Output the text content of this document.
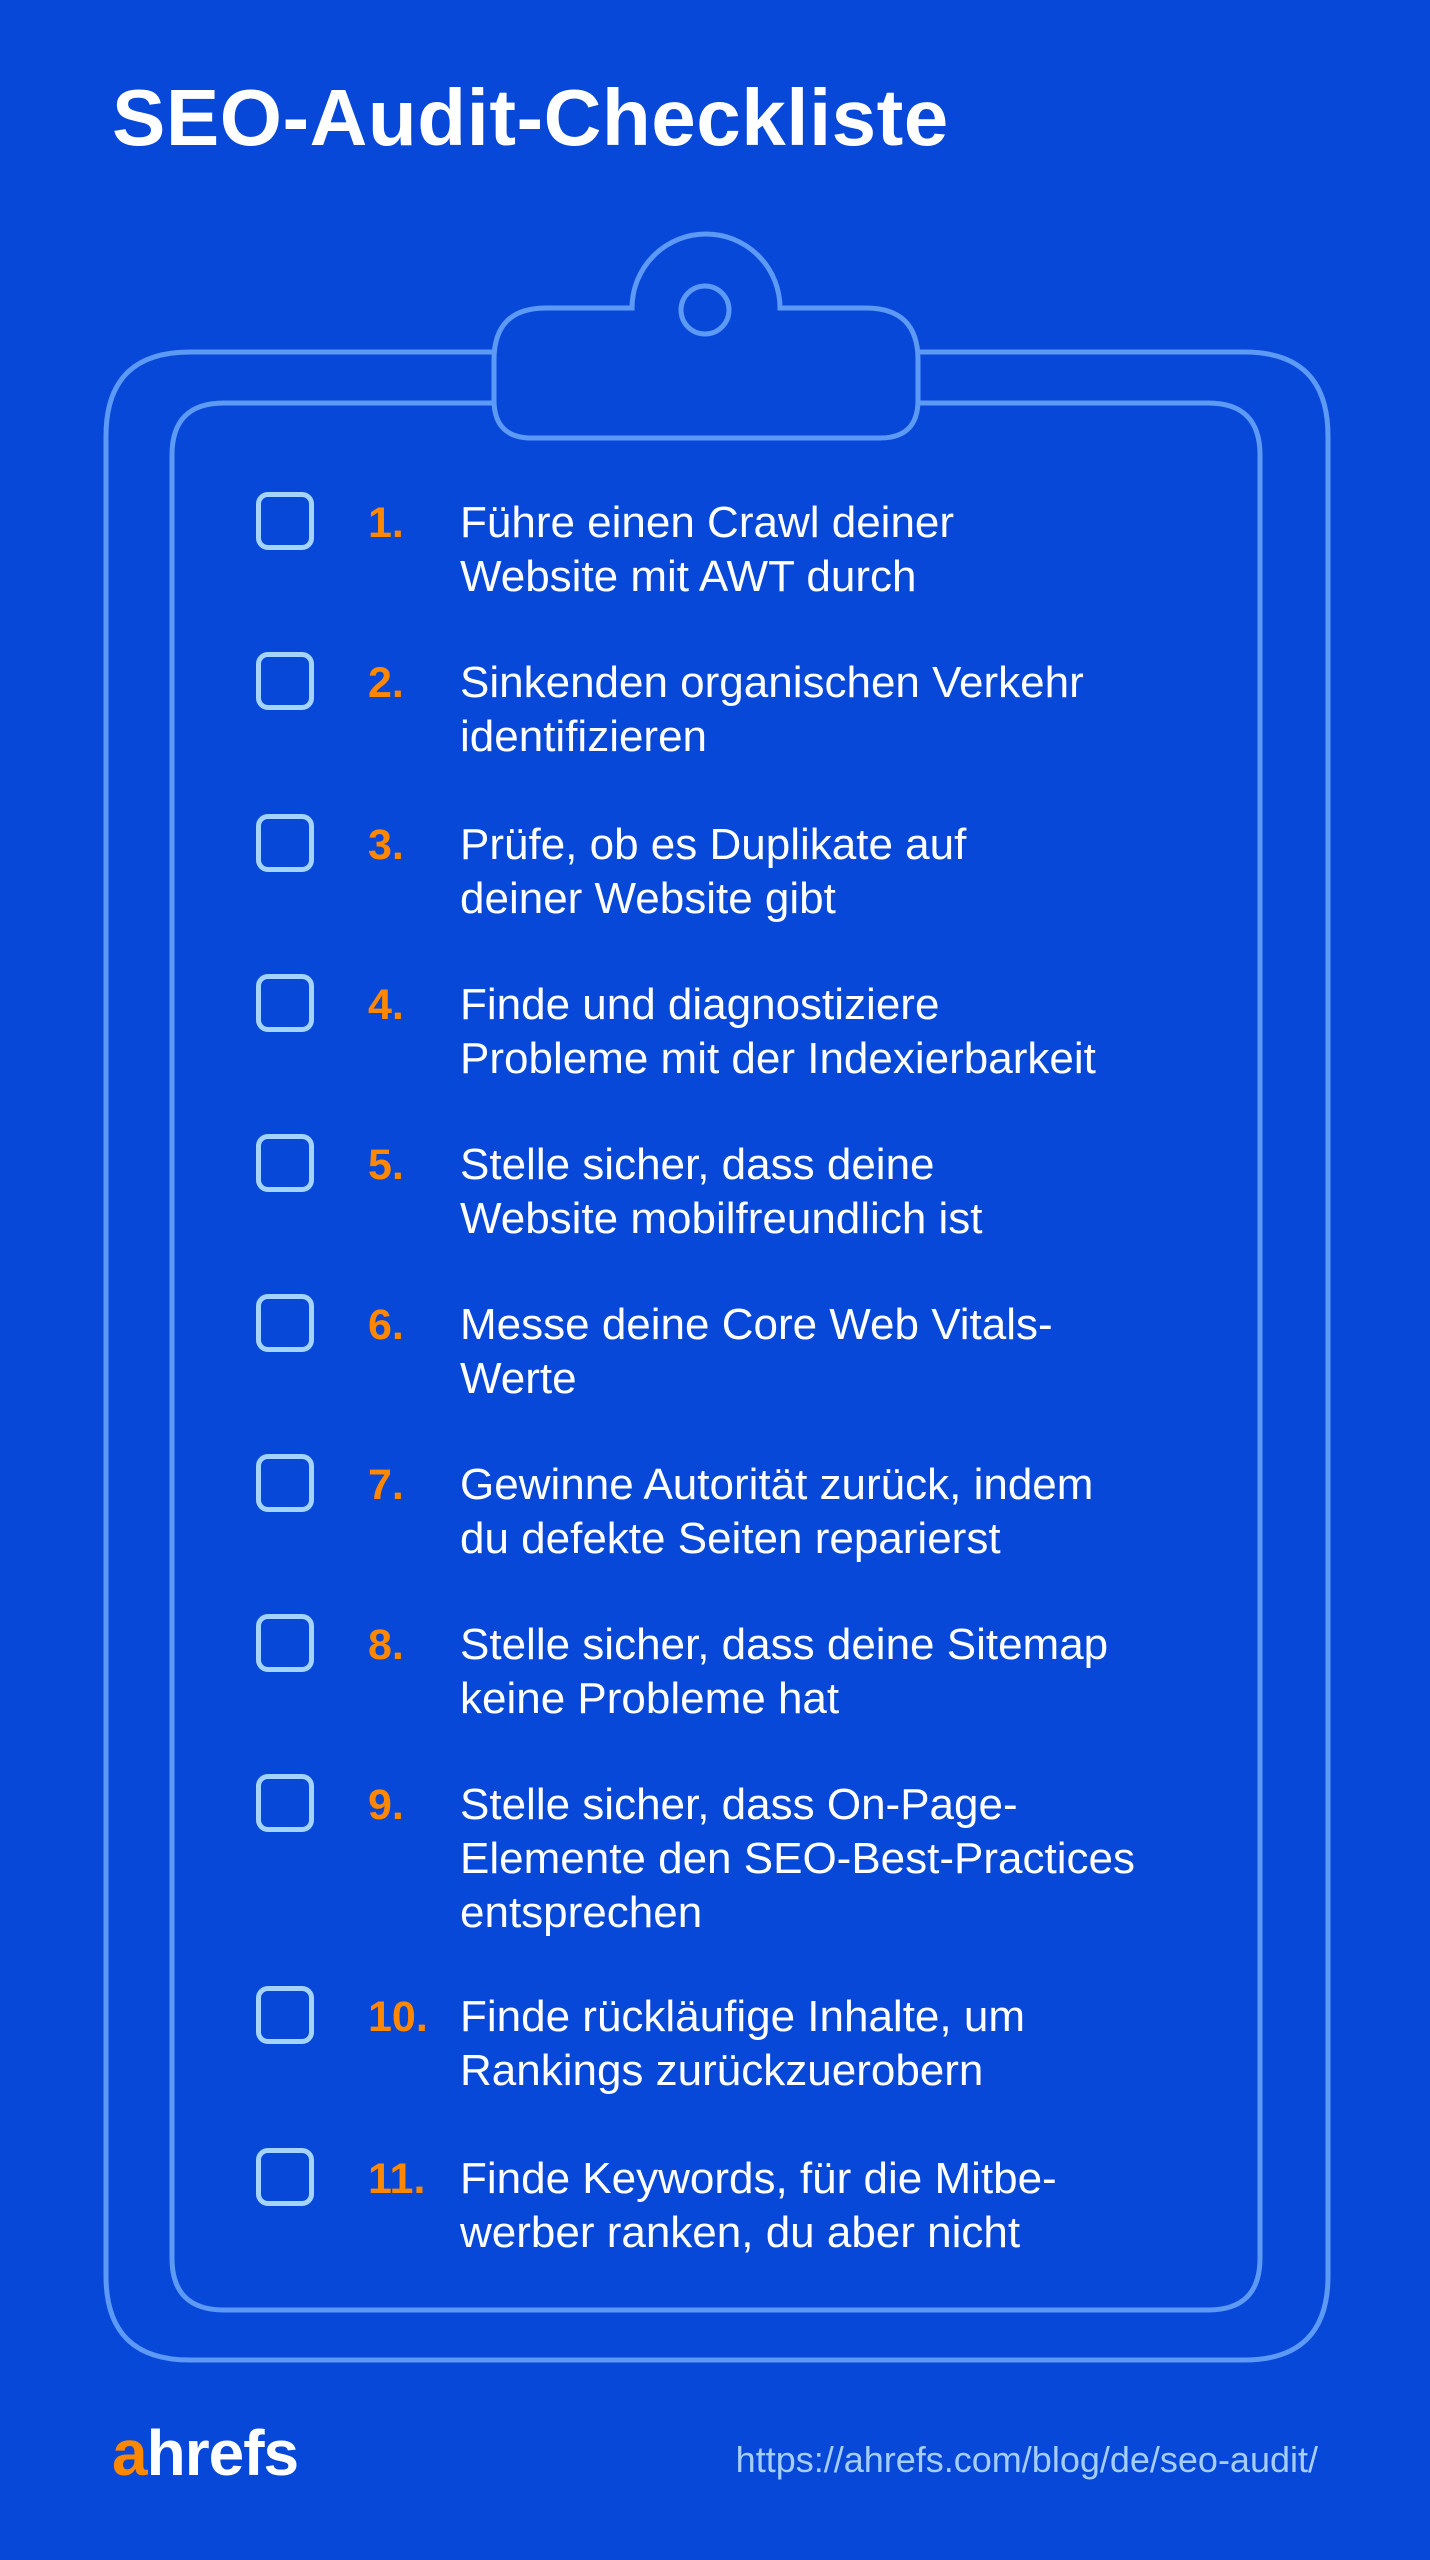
SEO-Audit-Checkliste
1. Führe einen Crawl deiner
Website mit AWT durch
2. Sinkenden organischen Verkehr
identifizieren
3. Prüfe, ob es Duplikate auf
deiner Website gibt
4. Finde und diagnostiziere
Probleme mit der Indexierbarkeit
5. Stelle sicher, dass deine
Website mobilfreundlich ist
6. Messe deine Core Web Vitals-
Werte
7. Gewinne Autorität zurück, indem
du defekte Seiten reparierst
8. Stelle sicher, dass deine Sitemap
keine Probleme hat
9. Stelle sicher, dass On-Page-
Elemente den SEO-Best-Practices
entsprechen
10. Finde rückläufige Inhalte, um
Rankings zurückzuerobern
11. Finde Keywords, für die Mitbe-
werber ranken, du aber nicht
ahrefs	https://ahrefs.com/blog/de/seo-audit/
